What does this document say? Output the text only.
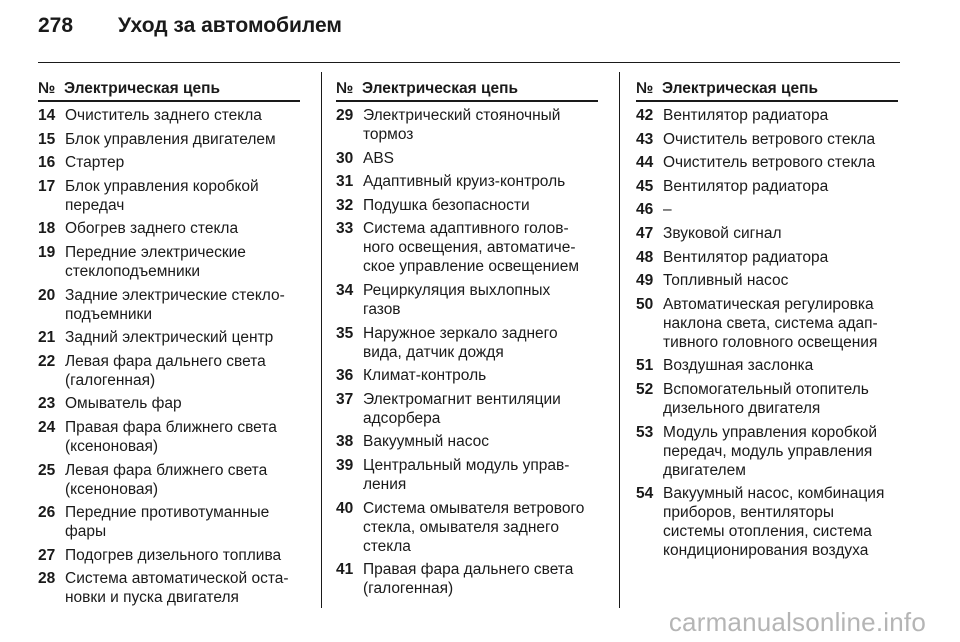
278	Уход за автомобилем
№ Электрическая цепь
14 Очиститель заднего стекла
15 Блок управления двигателем
16 Стартер
17 Блок управления коробкой
передач
18 Обогрев заднего стекла
19 Передние электрические
стеклоподъемники
20 Задние электрические стекло-
подъемники
21 Задний электрический центр
22 Левая фара дальнего света
(галогенная)
23 Омыватель фар
24 Правая фара ближнего света
(ксеноновая)
25 Левая фара ближнего света
(ксеноновая)
26 Передние противотуманные
фары
27 Подогрев дизельного топлива
28 Система автоматической оста-
новки и пуска двигателя
№ Электрическая цепь
29 Электрический стояночный
тормоз
30 ABS
31 Адаптивный круиз-контроль
32 Подушка безопасности
33 Система адаптивного голов-
ного освещения, автоматиче-
ское управление освещением
34 Рециркуляция выхлопных
газов
35 Наружное зеркало заднего
вида, датчик дождя
36 Климат-контроль
37 Электромагнит вентиляции
адсорбера
38 Вакуумный насос
39 Центральный модуль управ-
ления
40 Система омывателя ветрового
стекла, омывателя заднего
стекла
41 Правая фара дальнего света
(галогенная)
№ Электрическая цепь
42 Вентилятор радиатора
43 Очиститель ветрового стекла
44 Очиститель ветрового стекла
45 Вентилятор радиатора
46 –
47 Звуковой сигнал
48 Вентилятор радиатора
49 Топливный насос
50 Автоматическая регулировка
наклона света, система адап-
тивного головного освещения
51 Воздушная заслонка
52 Вспомогательный отопитель
дизельного двигателя
53 Модуль управления коробкой
передач, модуль управления
двигателем
54 Вакуумный насос, комбинация
приборов, вентиляторы
системы отопления, система
кондиционирования воздуха
carmanualsonline.info
